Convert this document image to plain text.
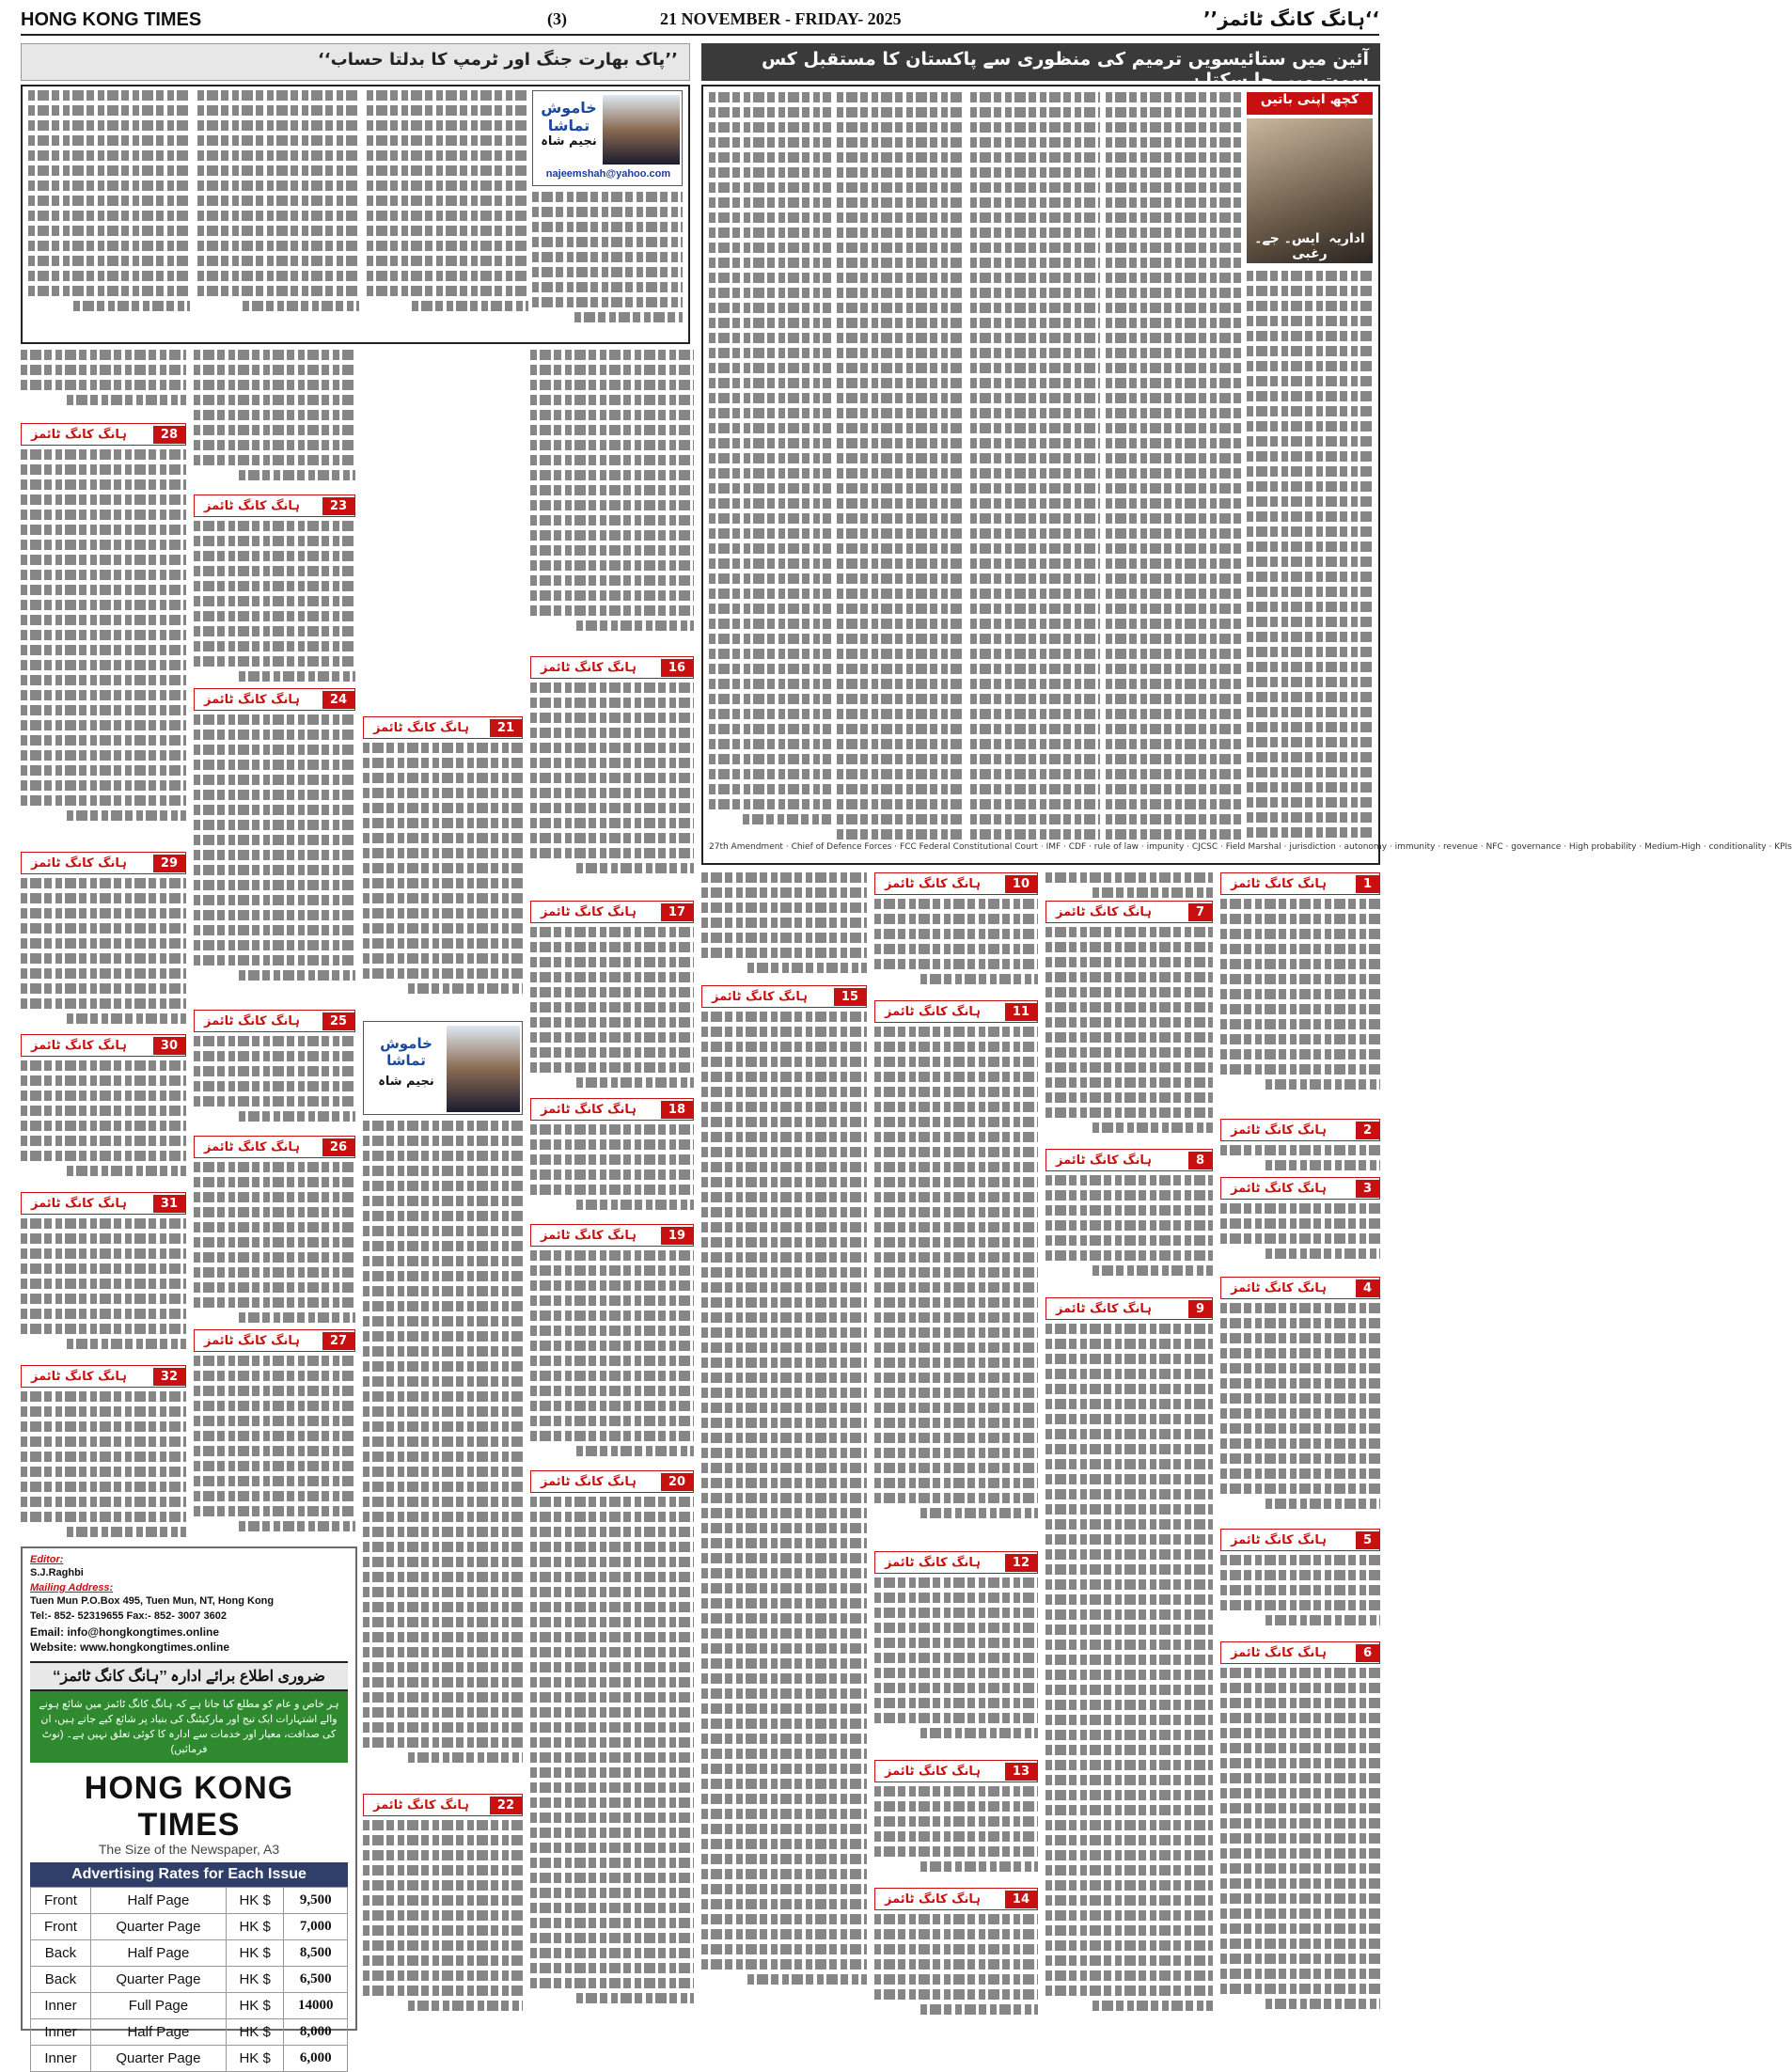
HONG KONG TIMES	(3)	21 NOVEMBER - FRIDAY- 2025	’’ہانگ کانگ ٹائمز‘‘
’’پاک بھارت جنگ اور ٹرمپ کا بدلتا حساب‘‘
خاموش تماشا
نجیم شاہ
najeemshah@yahoo.com
آئین میں ستائیسویں ترمیم کی منظوری سے پاکستان کا مستقبل کس سمت میں جا سکتا ہے
کچھ اپنی باتیں
اداریہ  ایس۔ جے۔ رغبی
ہانگ کانگ ٹائمز	1
ہانگ کانگ ٹائمز	2
ہانگ کانگ ٹائمز	3
ہانگ کانگ ٹائمز	4
ہانگ کانگ ٹائمز	5
ہانگ کانگ ٹائمز	6
ہانگ کانگ ٹائمز	7
ہانگ کانگ ٹائمز	8
ہانگ کانگ ٹائمز	9
ہانگ کانگ ٹائمز	10
ہانگ کانگ ٹائمز	11
ہانگ کانگ ٹائمز	12
ہانگ کانگ ٹائمز	13
ہانگ کانگ ٹائمز	14
ہانگ کانگ ٹائمز	15
ہانگ کانگ ٹائمز	16
ہانگ کانگ ٹائمز	17
ہانگ کانگ ٹائمز	18
ہانگ کانگ ٹائمز	19
ہانگ کانگ ٹائمز	20
ہانگ کانگ ٹائمز	21
خاموش تماشا
نجیم شاہ
ہانگ کانگ ٹائمز	22
ہانگ کانگ ٹائمز	23
ہانگ کانگ ٹائمز	24
ہانگ کانگ ٹائمز	25
ہانگ کانگ ٹائمز	26
ہانگ کانگ ٹائمز	27
ہانگ کانگ ٹائمز	28
ہانگ کانگ ٹائمز	29
ہانگ کانگ ٹائمز	30
ہانگ کانگ ٹائمز	31
ہانگ کانگ ٹائمز	32
Editor:
S.J.Raghbi
Mailing Address:
Tuen Mun P.O.Box 495, Tuen Mun, NT, Hong Kong
Tel:- 852- 52319655 Fax:- 852- 3007 3602
Email: info@hongkongtimes.online
Website: www.hongkongtimes.online
ضروری اطلاع برائے ادارہ ’’ہانگ کانگ ٹائمز‘‘
ہر خاص و عام کو مطلع کیا جاتا ہے کہ ہانگ کانگ ٹائمز میں شائع ہونے والے اشتہارات ایک تیج اور مارکیٹنگ کی بنیاد پر شائع کیے جاتے ہیں، ان کی صداقت، معیار اور خدمات سے ادارہ کا کوئی تعلق نہیں ہے۔ (نوٹ فرمائیں)
HONG KONG TIMES
The Size of the Newspaper, A3
Advertising Rates for Each Issue
Front	Half Page	HK $	9,500
Front	Quarter Page	HK $	7,000
Back	Half Page	HK $	8,500
Back	Quarter Page	HK $	6,500
Inner	Full Page	HK $	14000
Inner	Half Page	HK $	8,000
Inner	Quarter Page	HK $	6,000
27th Amendment · Chief of Defence Forces · FCC Federal Constitutional Court · IMF · CDF · rule of law · impunity · CJCSC · Field Marshal · jurisdiction · autonomy · immunity · revenue · NFC · governance · High probability · Medium-High · conditionality · KPIs
